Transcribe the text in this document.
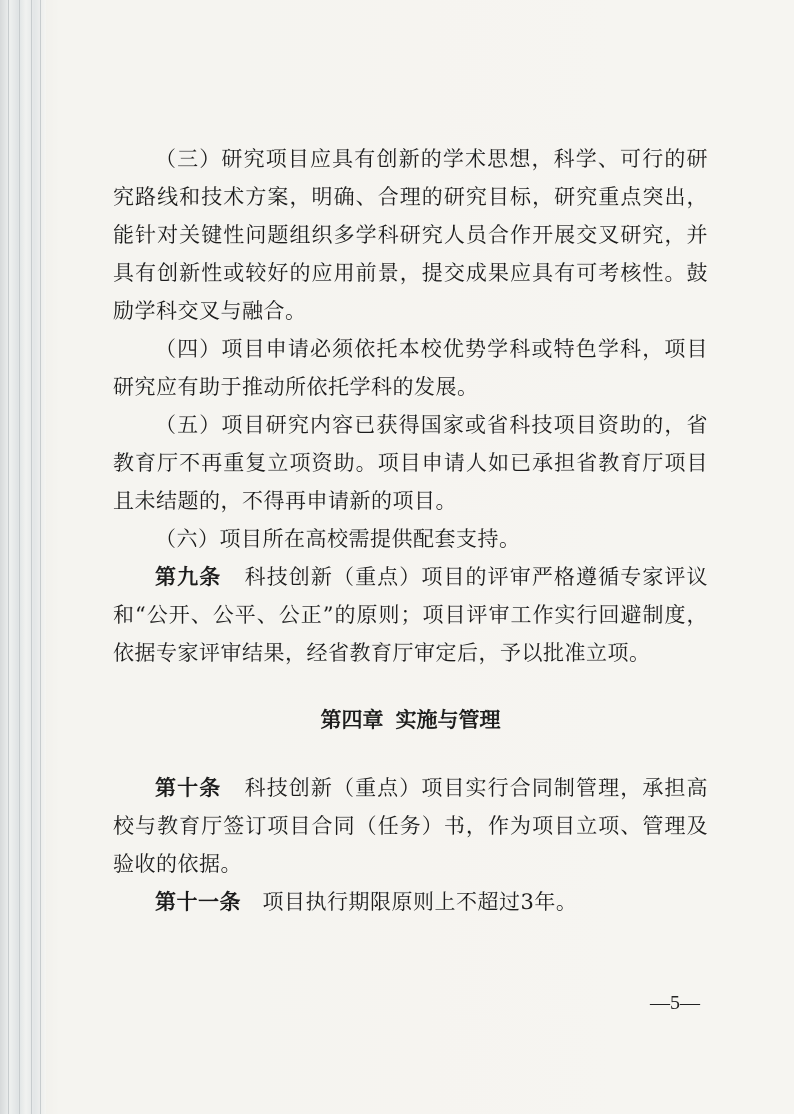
（三）研究项目应具有创新的学术思想，科学、可行的研究路线和技术方案，明确、合理的研究目标，研究重点突出，能针对关键性问题组织多学科研究人员合作开展交叉研究，并具有创新性或较好的应用前景，提交成果应具有可考核性。鼓励学科交叉与融合。

（四）项目申请必须依托本校优势学科或特色学科，项目研究应有助于推动所依托学科的发展。

（五）项目研究内容已获得国家或省科技项目资助的，省教育厅不再重复立项资助。项目申请人如已承担省教育厅项目且未结题的，不得再申请新的项目。

（六）项目所在高校需提供配套支持。

第九条 科技创新（重点）项目的评审严格遵循专家评议和“公开、公平、公正”的原则；项目评审工作实行回避制度，依据专家评审结果，经省教育厅审定后，予以批准立项。

第四章 实施与管理

第十条 科技创新（重点）项目实行合同制管理，承担高校与教育厅签订项目合同（任务）书，作为项目立项、管理及验收的依据。

第十一条 项目执行期限原则上不超过3年。

—5—
